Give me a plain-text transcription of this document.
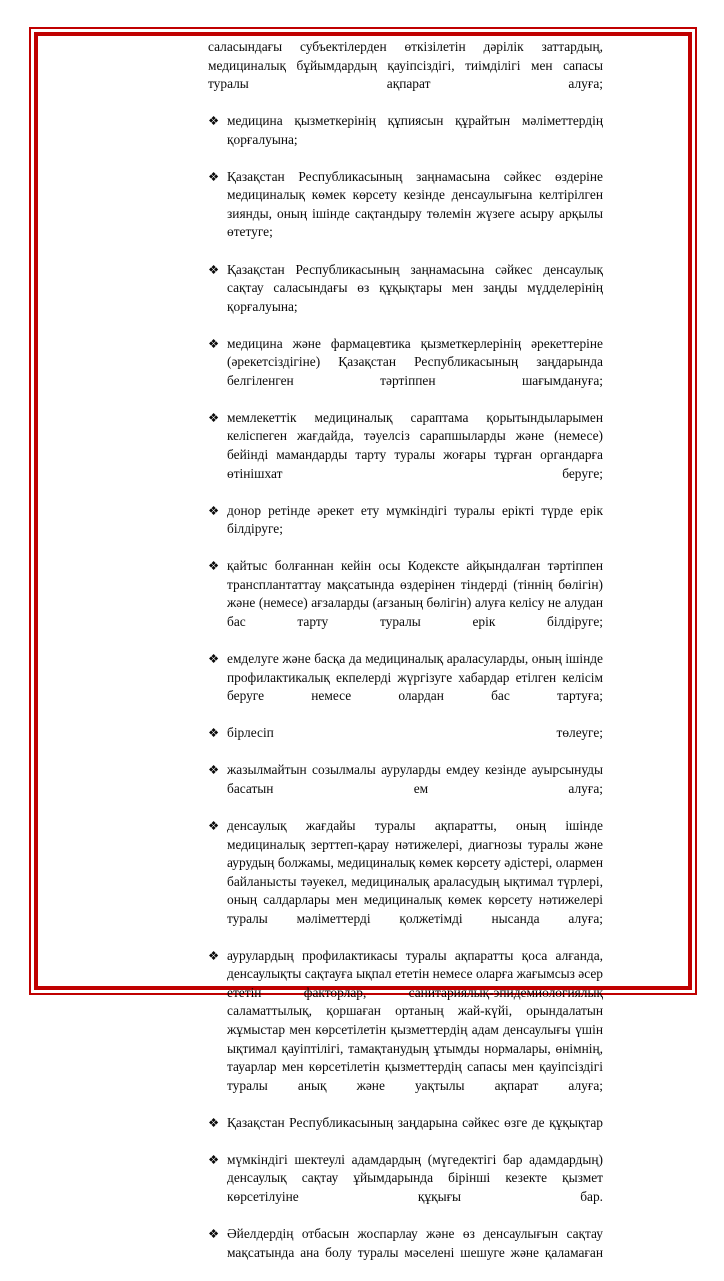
саласындағы субъектілерден өткізілетін дәрілік заттардың, медициналық бұйымдардың қауіпсіздігі, тиімділігі мен сапасы туралы ақпарат алуға;

❖ медицина қызметкерінің құпиясын құрайтын мәліметтердің қорғалуына;
❖ Қазақстан Республикасының заңнамасына сәйкес өздеріне медициналық көмек көрсету кезінде денсаулығына келтірілген зиянды, оның ішінде сақтандыру төлемін жүзеге асыру арқылы өтетуге;
❖ Қазақстан Республикасының заңнамасына сәйкес денсаулық сақтау саласындағы өз құқықтары мен заңды мүдделерінің қорғалуына;
❖ медицина және фармацевтика қызметкерлерінің әрекеттеріне (әрекетсіздігіне) Қазақстан Республикасының заңдарында белгіленген тәртіппен шағымдануға;
❖ мемлекеттік медициналық сараптама қорытындыларымен келіспеген жағдайда, тәуелсіз сарапшыларды және (немесе) бейінді мамандарды тарту туралы жоғары тұрған органдарға өтінішхат беруге;
❖ донор ретінде әрекет ету мүмкіндігі туралы ерікті түрде ерік білдіруге;
❖ қайтыс болғаннан кейін осы Кодексте айқындалған тәртіппен трансплантаттау мақсатында өздерінен тіндерді (тіннің бөлігін) және (немесе) ағзаларды (ағзаның бөлігін) алуға келісу не алудан бас тарту туралы ерік білдіруге;
❖ емделуге және басқа да медициналық араласуларды, оның ішінде профилактикалық екпелерді жүргізуге хабардар етілген келісім беруге немесе олардан бас тартуға;
❖ бірлесіп төлеуге;
❖ жазылмайтын созылмалы ауруларды емдеу кезінде ауырсынуды басатын ем алуға;
❖ денсаулық жағдайы туралы ақпаратты, оның ішінде медициналық зерттеп-қарау нәтижелері, диагнозы туралы және аурудың болжамы, медициналық көмек көрсету әдістері, олармен байланысты тәуекел, медициналық араласудың ықтимал түрлері, оның салдарлары мен медициналық көмек көрсету нәтижелері туралы мәліметтерді қолжетімді нысанда алуға;
❖ аурулардың профилактикасы туралы ақпаратты қоса алғанда, денсаулықты сақтауға ықпал ететін немесе оларға жағымсыз әсер ететін факторлар, санитариялық-эпидемиологиялық саламаттылық, қоршаған ортаның жай-күйі, орындалатын жұмыстар мен көрсетілетін қызметтердің адам денсаулығы үшін ықтимал қауіптілігі, тамақтанудың ұтымды нормалары, өнімнің, тауарлар мен көрсетілетін қызметтердің сапасы мен қауіпсіздігі туралы анық және уақтылы ақпарат алуға;
❖ Қазақстан Республикасының заңдарына сәйкес өзге де құқықтар
❖ мүмкіндігі шектеулі адамдардың (мүгедектігі бар адамдардың) денсаулық сақтау ұйымдарында бірінші кезекте қызмет көрсетілуіне құқығы бар.
❖ Әйелдердің отбасын жоспарлау және өз денсаулығын сақтау мақсатында ана болу туралы мәселені шешуге және қаламаған
